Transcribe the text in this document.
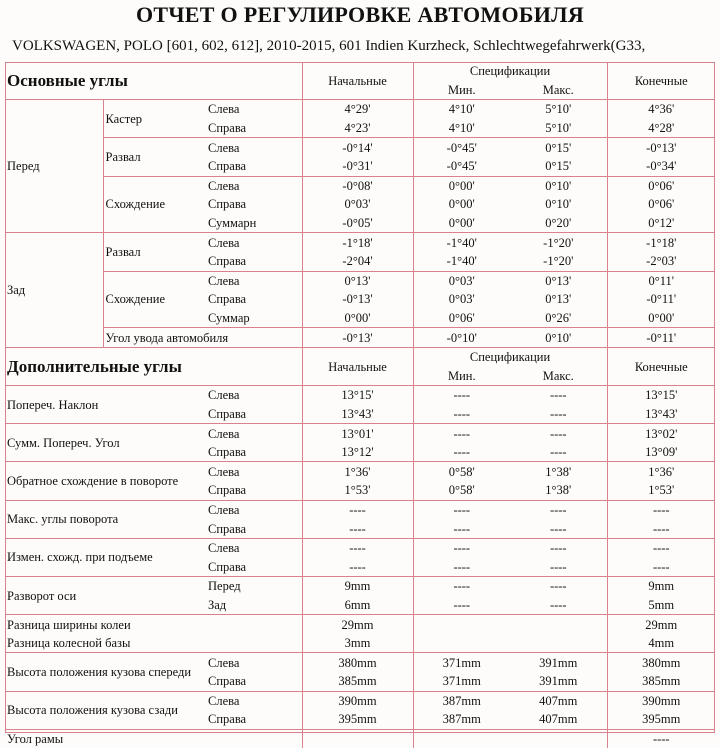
ОТЧЕТ О РЕГУЛИРОВКЕ АВТОМОБИЛЯ
VOLKSWAGEN, POLO [601, 602, 612], 2010-2015, 601 Indien Kurzheck, Schlechtwegefahrwerk(G33,
Основные углы			Начальные	Спецификации		Конечные
				Мин.	Макс.	
Перед	Кастер	Слева	4°29'	4°10'	5°10'	4°36'
		Справа	4°23'	4°10'	5°10'	4°28'
	Развал	Слева	-0°14'	-0°45'	0°15'	-0°13'
		Справа	-0°31'	-0°45'	0°15'	-0°34'
	Схождение	Слева	-0°08'	0°00'	0°10'	0°06'
		Справа	0°03'	0°00'	0°10'	0°06'
		Суммарн	-0°05'	0°00'	0°20'	0°12'
Зад	Развал	Слева	-1°18'	-1°40'	-1°20'	-1°18'
		Справа	-2°04'	-1°40'	-1°20'	-2°03'
	Схождение	Слева	0°13'	0°03'	0°13'	0°11'
		Справа	-0°13'	0°03'	0°13'	-0°11'
		Суммар	0°00'	0°06'	0°26'	0°00'
	Угол увода автомобиля		-0°13'	-0°10'	0°10'	-0°11'
Дополнительные углы			Начальные	Спецификации		Конечные
				Мин.	Макс.	
Попереч. Наклон		Слева	13°15'	----	----	13°15'
		Справа	13°43'	----	----	13°43'
Сумм. Попереч. Угол		Слева	13°01'	----	----	13°02'
		Справа	13°12'	----	----	13°09'
Обратное схождение в повороте		Слева	1°36'	0°58'	1°38'	1°36'
		Справа	1°53'	0°58'	1°38'	1°53'
Макс. углы поворота		Слева	----	----	----	----
		Справа	----	----	----	----
Измен. схожд. при подъеме		Слева	----	----	----	----
		Справа	----	----	----	----
Разворот оси		Перед	9mm	----	----	9mm
		Зад	6mm	----	----	5mm
Разница ширины колеи			29mm			29mm
Разница колесной базы			3mm			4mm
Высота положения кузова спереди		Слева	380mm	371mm	391mm	380mm
		Справа	385mm	371mm	391mm	385mm
Высота положения кузова сзади		Слева	390mm	387mm	407mm	390mm
		Справа	395mm	387mm	407mm	395mm
Угол рамы						----
